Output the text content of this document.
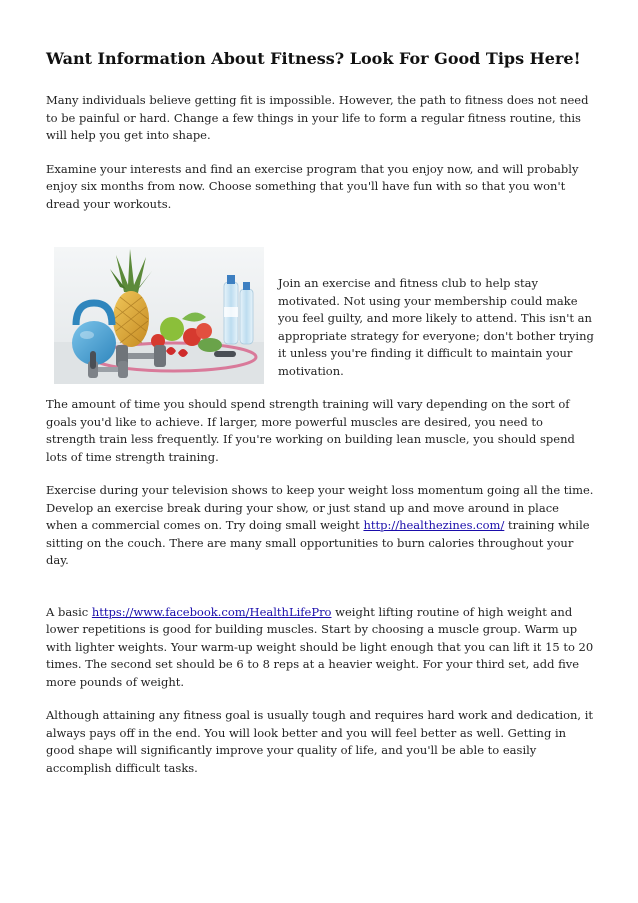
Want Information About Fitness? Look For Good Tips Here!

Many individuals believe getting fit is impossible. However, the path to fitness does not need to be painful or hard. Change a few things in your life to form a regular fitness routine, this will help you get into shape.

Examine your interests and find an exercise program that you enjoy now, and will probably enjoy six months from now. Choose something that you'll have fun with so that you won't dread your workouts.

Join an exercise and fitness club to help stay motivated. Not using your membership could make you feel guilty, and more likely to attend. This isn't an appropriate strategy for everyone; don't bother trying it unless you're finding it difficult to maintain your motivation.

The amount of time you should spend strength training will vary depending on the sort of goals you'd like to achieve. If larger, more powerful muscles are desired, you need to strength train less frequently. If you're working on building lean muscle, you should spend lots of time strength training.

Exercise during your television shows to keep your weight loss momentum going all the time. Develop an exercise break during your show, or just stand up and move around in place when a commercial comes on. Try doing small weight http://healthezines.com/ training while sitting on the couch. There are many small opportunities to burn calories throughout your day.

A basic https://www.facebook.com/HealthLifePro weight lifting routine of high weight and lower repetitions is good for building muscles. Start by choosing a muscle group. Warm up with lighter weights. Your warm-up weight should be light enough that you can lift it 15 to 20 times. The second set should be 6 to 8 reps at a heavier weight. For your third set, add five more pounds of weight.

Although attaining any fitness goal is usually tough and requires hard work and dedication, it always pays off in the end. You will look better and you will feel better as well. Getting in good shape will significantly improve your quality of life, and you'll be able to easily accomplish difficult tasks.
